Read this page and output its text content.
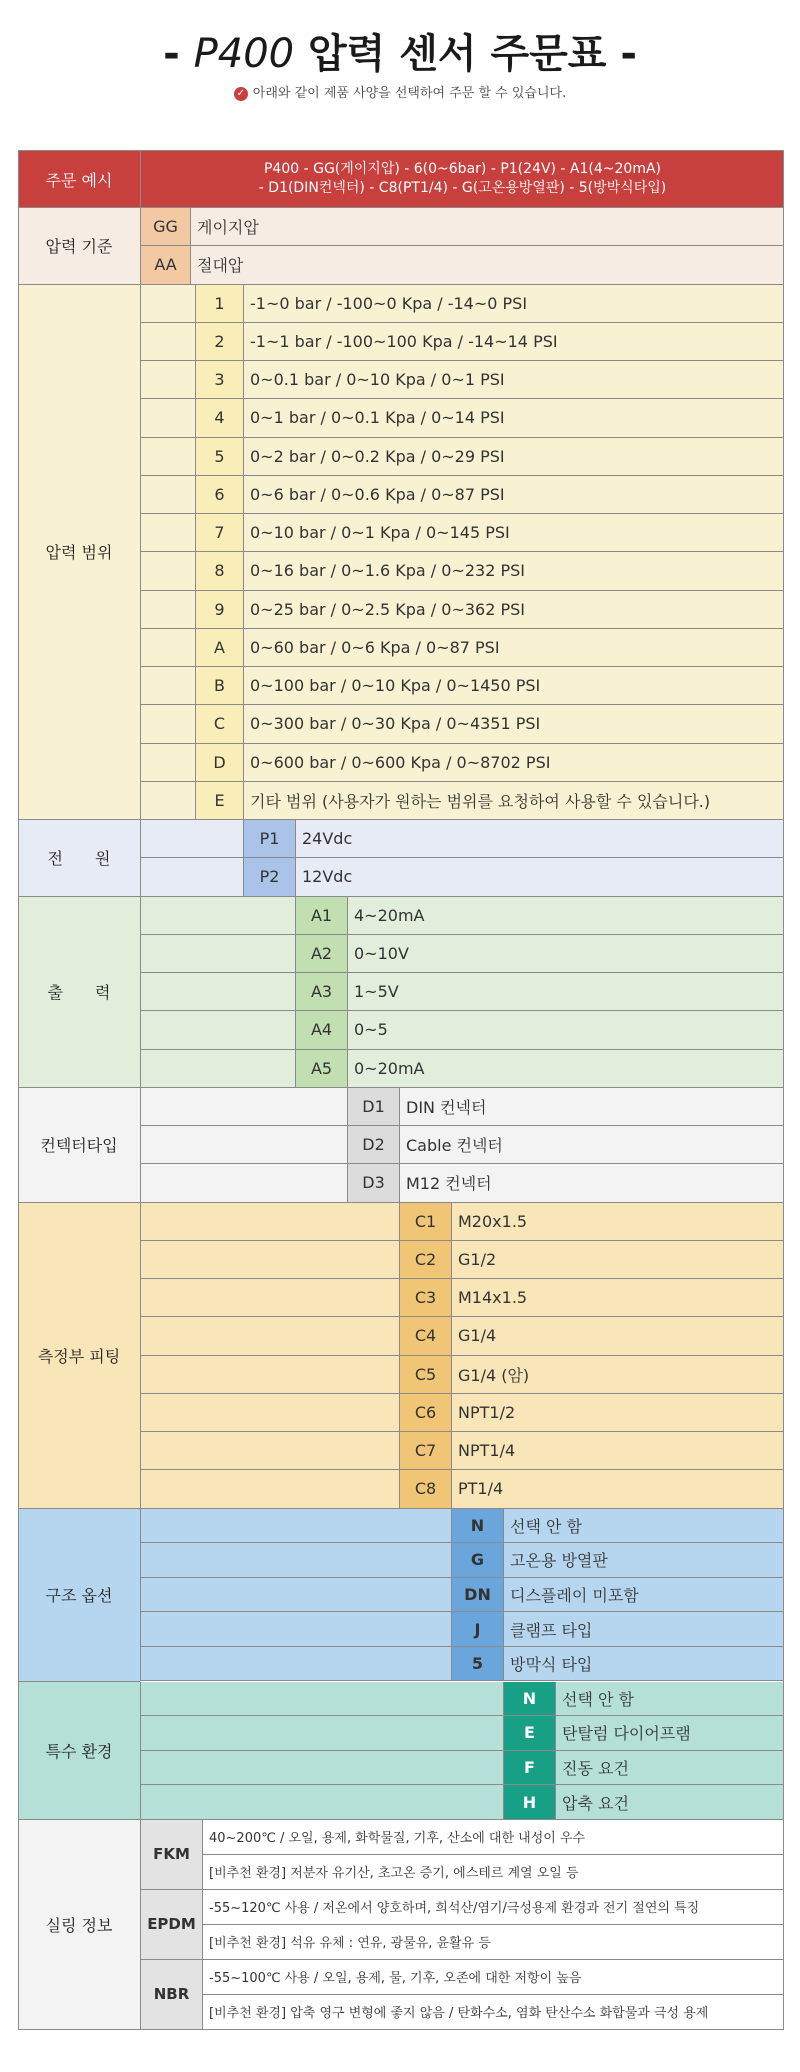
- P400 압력 센서 주문표 -
✓ 아래와 같이 제품 사양을 선택하여 주문 할 수 있습니다.
주문 예시
P400 - GG(게이지압) - 6(0~6bar) - P1(24V) - A1(4~20mA)
- D1(DIN컨넥터) - C8(PT1/4) - G(고온용방열판) - 5(방박식타입)
압력 기준
GG	게이지압
AA	절대압
압력 범위
1	-1~0 bar / -100~0 Kpa / -14~0 PSI
2	-1~1 bar / -100~100 Kpa / -14~14 PSI
3	0~0.1 bar / 0~10 Kpa / 0~1 PSI
4	0~1 bar / 0~0.1 Kpa / 0~14 PSI
5	0~2 bar / 0~0.2 Kpa / 0~29 PSI
6	0~6 bar / 0~0.6 Kpa / 0~87 PSI
7	0~10 bar / 0~1 Kpa / 0~145 PSI
8	0~16 bar / 0~1.6 Kpa / 0~232 PSI
9	0~25 bar / 0~2.5 Kpa / 0~362 PSI
A	0~60 bar / 0~6 Kpa / 0~87 PSI
B	0~100 bar / 0~10 Kpa / 0~1450 PSI
C	0~300 bar / 0~30 Kpa / 0~4351 PSI
D	0~600 bar / 0~600 Kpa / 0~8702 PSI
E	기타 범위 (사용자가 원하는 범위를 요청하여 사용할 수 있습니다.)
전　　원
P1	24Vdc
P2	12Vdc
출　　력
A1	4~20mA
A2	0~10V
A3	1~5V
A4	0~5
A5	0~20mA
컨텍터타입
D1	DIN 컨넥터
D2	Cable 컨넥터
D3	M12 컨넥터
측정부 피팅
C1	M20x1.5
C2	G1/2
C3	M14x1.5
C4	G1/4
C5	G1/4 (암)
C6	NPT1/2
C7	NPT1/4
C8	PT1/4
구조 옵션
N	선택 안 함
G	고온용 방열판
DN	디스플레이 미포함
J	클램프 타입
5	방막식 타입
특수 환경
N	선택 안 함
E	탄탈럼 다이어프램
F	진동 요건
H	압축 요건
실링 정보
FKM
40~200℃ / 오일, 용제, 화학물질, 기후, 산소에 대한 내성이 우수
[비추천 환경] 저분자 유기산, 초고온 증기, 에스테르 계열 오일 등
EPDM
-55~120℃ 사용 / 저온에서 양호하며, 희석산/염기/극성용제 환경과 전기 절연의 특징
[비추천 환경] 석유 유체 : 연유, 광물유, 윤활유 등
NBR
-55~100℃ 사용 / 오일, 용제, 물, 기후, 오존에 대한 저항이 높음
[비추천 환경] 압축 영구 변형에 좋지 않음 / 탄화수소, 염화 탄산수소 화합물과 극성 용제
